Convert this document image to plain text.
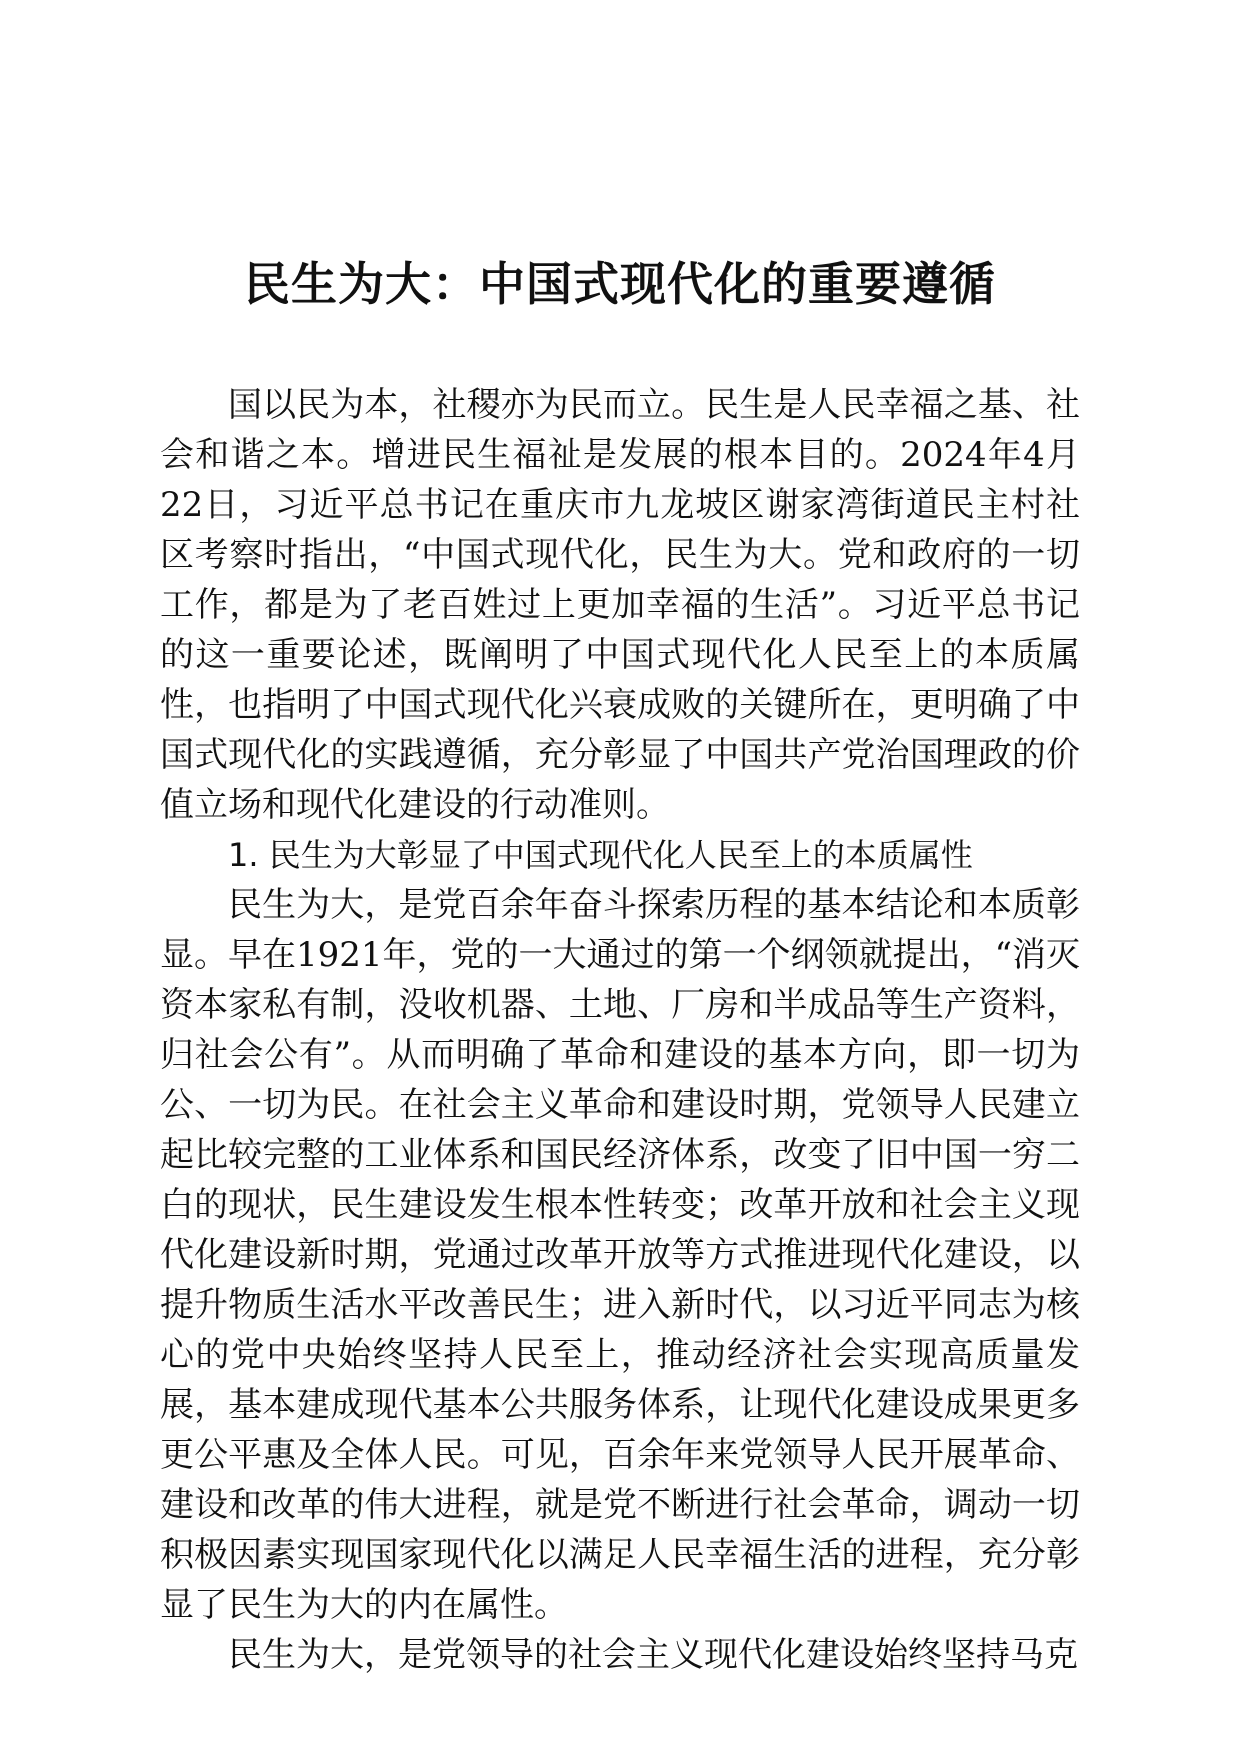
民生为大：中国式现代化的重要遵循

国以民为本，社稷亦为民而立。民生是人民幸福之基、社会和谐之本。增进民生福祉是发展的根本目的。2024年4月22日，习近平总书记在重庆市九龙坡区谢家湾街道民主村社区考察时指出，“中国式现代化，民生为大。党和政府的一切工作，都是为了老百姓过上更加幸福的生活”。习近平总书记的这一重要论述，既阐明了中国式现代化人民至上的本质属性，也指明了中国式现代化兴衰成败的关键所在，更明确了中国式现代化的实践遵循，充分彰显了中国共产党治国理政的价值立场和现代化建设的行动准则。

1. 民生为大彰显了中国式现代化人民至上的本质属性

民生为大，是党百余年奋斗探索历程的基本结论和本质彰显。早在1921年，党的一大通过的第一个纲领就提出，“消灭资本家私有制，没收机器、土地、厂房和半成品等生产资料，归社会公有”。从而明确了革命和建设的基本方向，即一切为公、一切为民。在社会主义革命和建设时期，党领导人民建立起比较完整的工业体系和国民经济体系，改变了旧中国一穷二白的现状，民生建设发生根本性转变；改革开放和社会主义现代化建设新时期，党通过改革开放等方式推进现代化建设，以提升物质生活水平改善民生；进入新时代，以习近平同志为核心的党中央始终坚持人民至上，推动经济社会实现高质量发展，基本建成现代基本公共服务体系，让现代化建设成果更多更公平惠及全体人民。可见，百余年来党领导人民开展革命、建设和改革的伟大进程，就是党不断进行社会革命，调动一切积极因素实现国家现代化以满足人民幸福生活的进程，充分彰显了民生为大的内在属性。

民生为大，是党领导的社会主义现代化建设始终坚持马克
